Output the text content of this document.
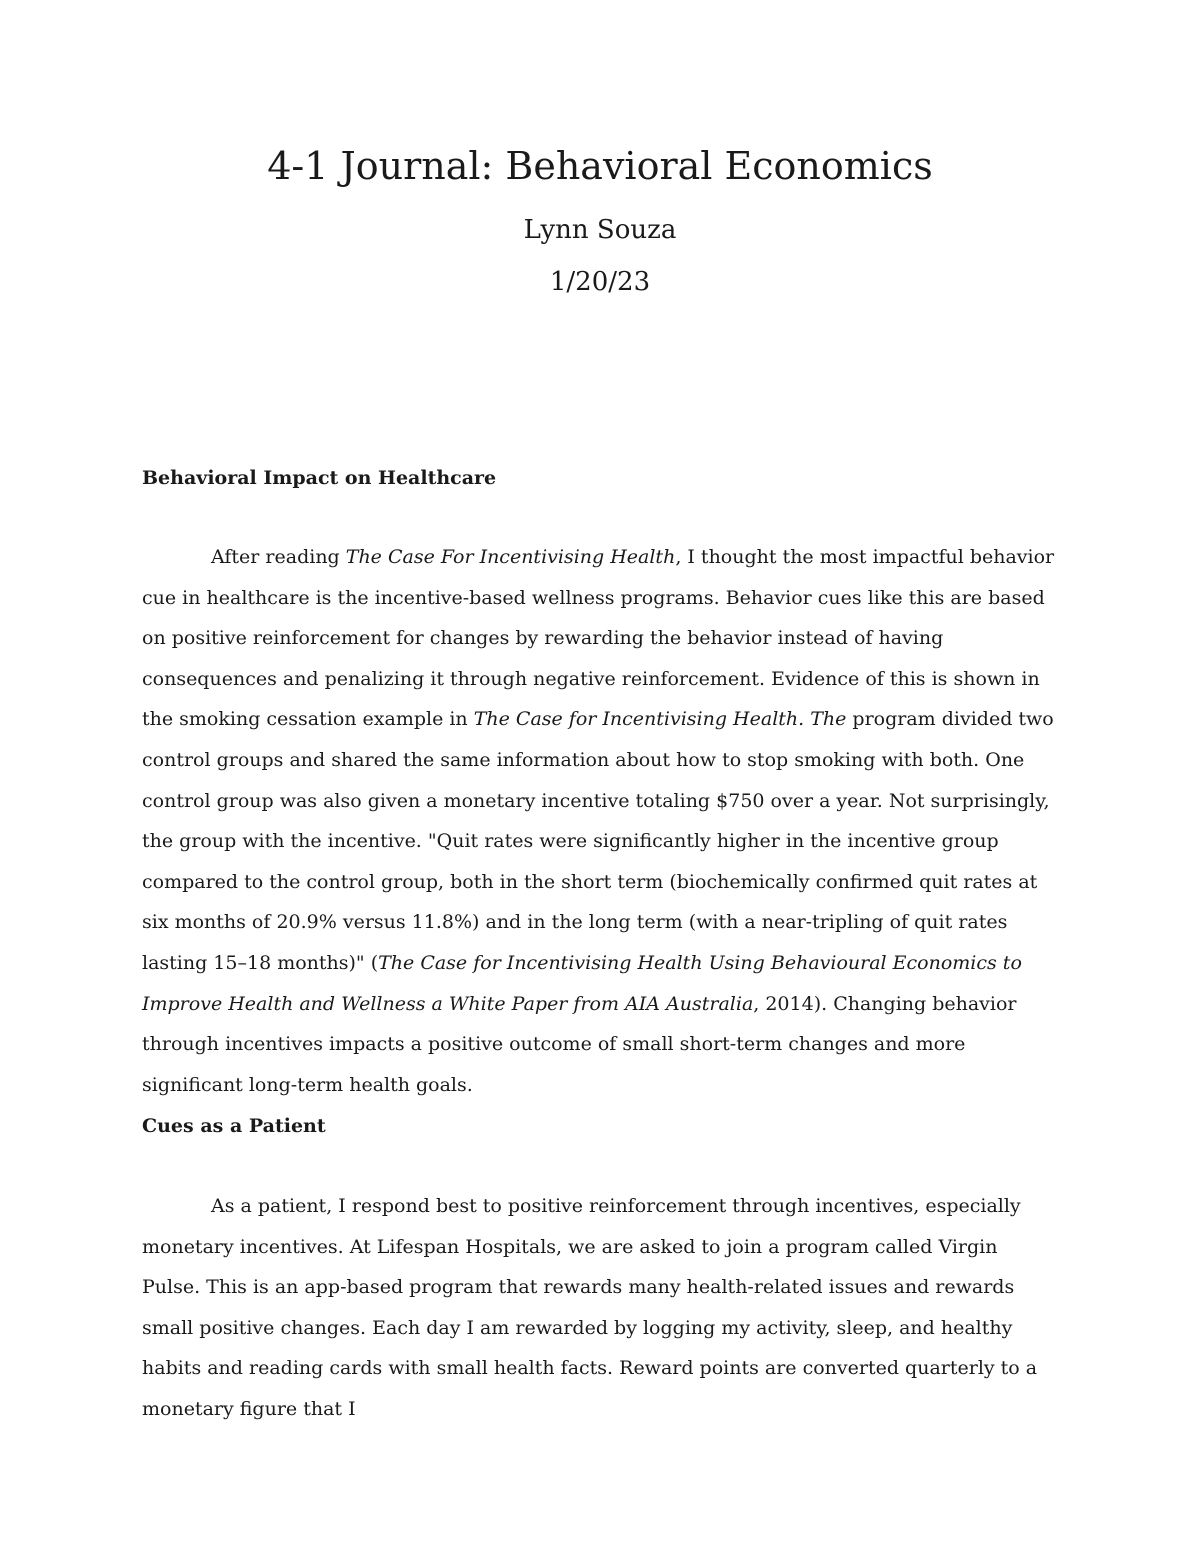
4-1 Journal: Behavioral Economics
Lynn Souza
1/20/23
Behavioral Impact on Healthcare

After reading The Case For Incentivising Health, I thought the most impactful behavior cue in healthcare is the incentive-based wellness programs. Behavior cues like this are based on positive reinforcement for changes by rewarding the behavior instead of having consequences and penalizing it through negative reinforcement. Evidence of this is shown in the smoking cessation example in The Case for Incentivising Health. The program divided two control groups and shared the same information about how to stop smoking with both. One control group was also given a monetary incentive totaling $750 over a year. Not surprisingly, the group with the incentive. "Quit rates were significantly higher in the incentive group compared to the control group, both in the short term (biochemically confirmed quit rates at six months of 20.9% versus 11.8%) and in the long term (with a near-tripling of quit rates lasting 15–18 months)" (The Case for Incentivising Health Using Behavioural Economics to Improve Health and Wellness a White Paper from AIA Australia, 2014). Changing behavior through incentives impacts a positive outcome of small short-term changes and more significant long-term health goals.

Cues as a Patient

As a patient, I respond best to positive reinforcement through incentives, especially monetary incentives. At Lifespan Hospitals, we are asked to join a program called Virgin Pulse. This is an app-based program that rewards many health-related issues and rewards small positive changes. Each day I am rewarded by logging my activity, sleep, and healthy habits and reading cards with small health facts. Reward points are converted quarterly to a monetary figure that I
